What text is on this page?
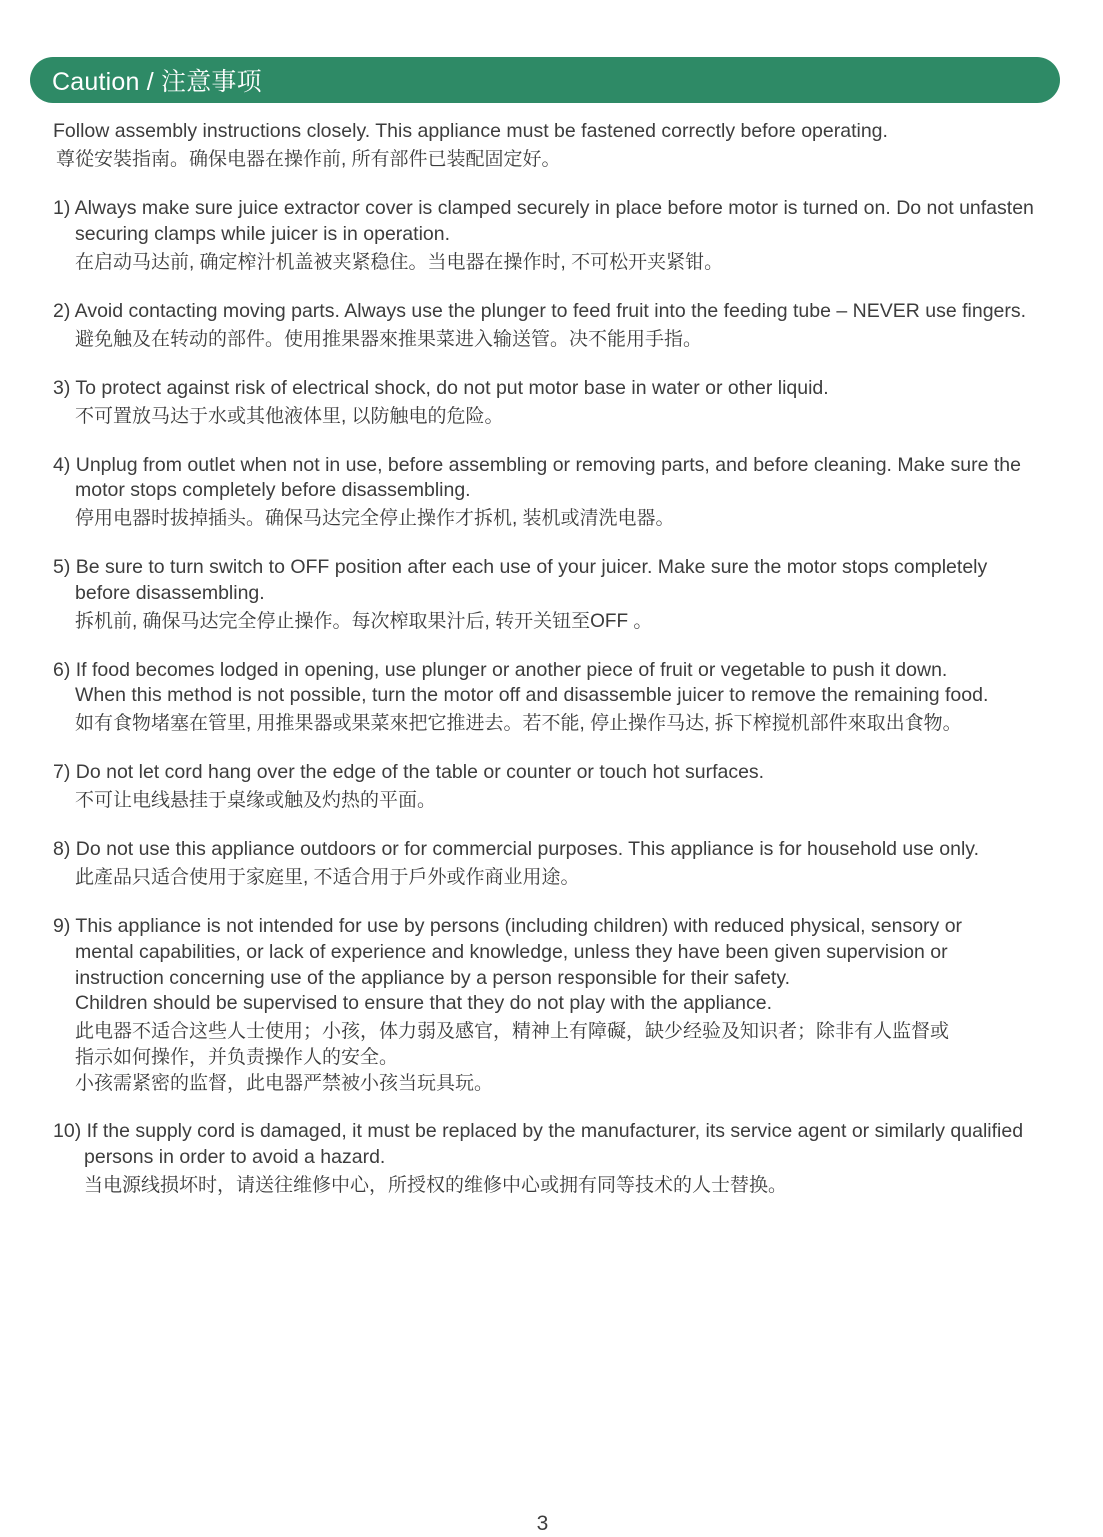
Caution / 注意事项
Follow assembly instructions closely. This appliance must be fastened correctly before operating.
尊從安裝指南。确保电器在操作前, 所有部件已装配固定好。
1) Always make sure juice extractor cover is clamped securely in place before motor is turned on. Do not unfasten
securing clamps while juicer is in operation.
在启动马达前, 确定榨汁机盖被夹紧稳住。当电器在操作时, 不可松开夹紧钳。
2) Avoid contacting moving parts. Always use the plunger to feed fruit into the feeding tube – NEVER use fingers.
避免触及在转动的部件。使用推果器來推果菜进入输送管。决不能用手指。
3) To protect against risk of electrical shock, do not put motor base in water or other liquid.
不可置放马达于水或其他液体里, 以防触电的危险。
4) Unplug from outlet when not in use, before assembling or removing parts, and before cleaning. Make sure the
motor stops completely before disassembling.
停用电器时拔掉插头。确保马达完全停止操作才拆机, 装机或清洗电器。
5) Be sure to turn switch to OFF position after each use of your juicer. Make sure the motor stops completely
before disassembling.
拆机前, 确保马达完全停止操作。每次榨取果汁后, 转开关钮至OFF 。
6) If food becomes lodged in opening, use plunger or another piece of fruit or vegetable to push it down.
When this method is not possible, turn the motor off and disassemble juicer to remove the remaining food.
如有食物堵塞在管里, 用推果器或果菜來把它推进去。若不能, 停止操作马达, 拆下榨搅机部件來取出食物。
7) Do not let cord hang over the edge of the table or counter or touch hot surfaces.
不可让电线悬挂于桌缘或触及灼热的平面。
8) Do not use this appliance outdoors or for commercial purposes. This appliance is for household use only.
此產品只适合使用于家庭里, 不适合用于戶外或作商业用途。
9) This appliance is not intended for use by persons (including children) with reduced physical, sensory or
mental capabilities, or lack of experience and knowledge, unless they have been given supervision or
instruction concerning use of the appliance by a person responsible for their safety.
Children should be supervised to ensure that they do not play with the appliance.
此电器不适合这些人士使用；小孩，体力弱及感官，精神上有障礙，缺少经验及知识者；除非有人监督或
指示如何操作，并负责操作人的安全。
小孩需紧密的监督，此电器严禁被小孩当玩具玩。
10) If the supply cord is damaged, it must be replaced by the manufacturer, its service agent or similarly qualified
persons in order to avoid a hazard.
当电源线损坏时，请送往维修中心，所授权的维修中心或拥有同等技术的人士替换。
3
